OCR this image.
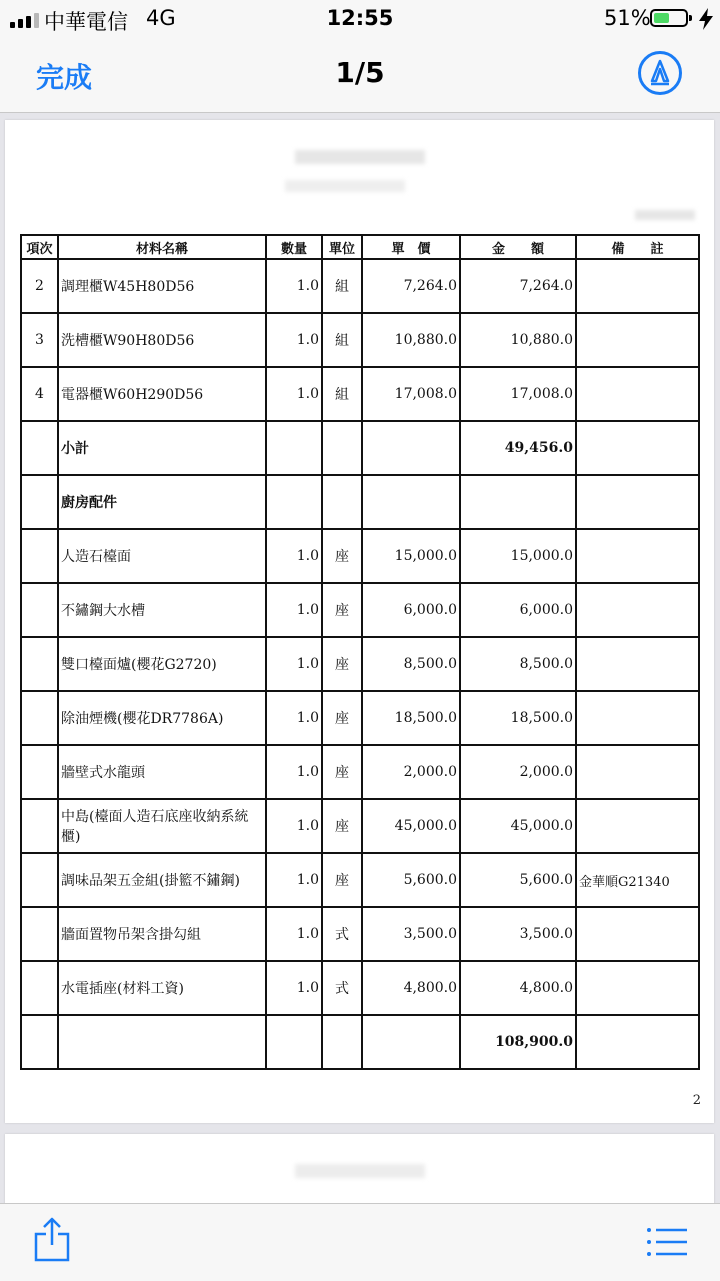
中華電信 4G	12:55	51%
完成	1/5
項次	材料名稱	數量	單位	單　價	金　　額	備　　註
2	調理櫃W45H80D56	1.0	組	7,264.0	7,264.0	
3	洗槽櫃W90H80D56	1.0	組	10,880.0	10,880.0	
4	電器櫃W60H290D56	1.0	組	17,008.0	17,008.0	
	小計				49,456.0	
	廚房配件					
	人造石檯面	1.0	座	15,000.0	15,000.0	
	不鏽鋼大水槽	1.0	座	6,000.0	6,000.0	
	雙口檯面爐(櫻花G2720)	1.0	座	8,500.0	8,500.0	
	除油煙機(櫻花DR7786A)	1.0	座	18,500.0	18,500.0	
	牆壁式水龍頭	1.0	座	2,000.0	2,000.0	
	中島(檯面人造石底座收納系統櫃)	1.0	座	45,000.0	45,000.0	
	調味品架五金組(掛籃不鏽鋼)	1.0	座	5,600.0	5,600.0	金華順G21340
	牆面置物吊架含掛勾組	1.0	式	3,500.0	3,500.0	
	水電插座(材料工資)	1.0	式	4,800.0	4,800.0	
					108,900.0	
2
